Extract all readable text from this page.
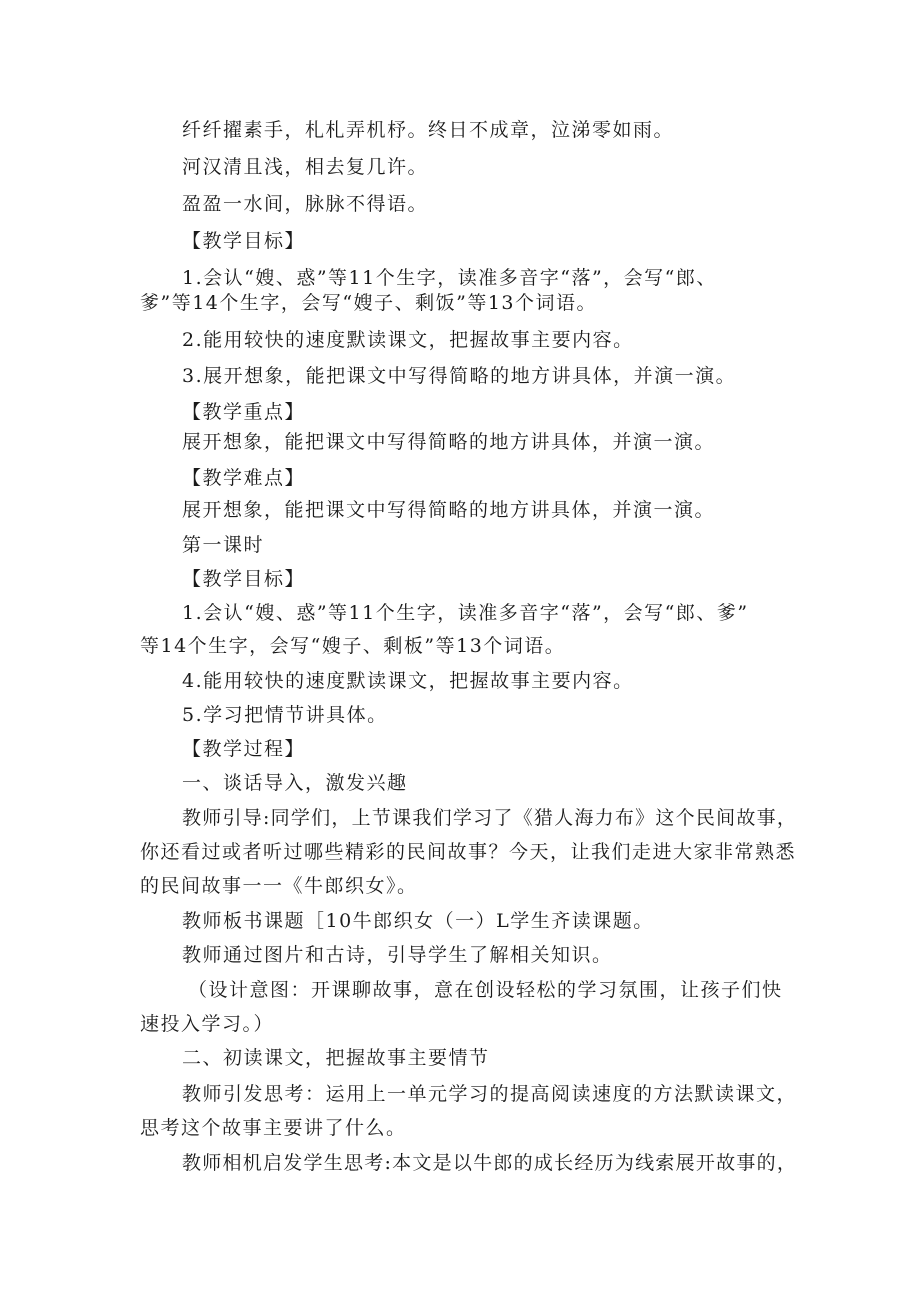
纤纤擢素手，札札弄机杼。终日不成章，泣涕零如雨。
河汉清且浅，相去复几许。
盈盈一水间，脉脉不得语。
【教学目标】
1.会认“嫂、惑”等11个生字，读准多音字“落”，会写“郎、
爹”等14个生字，会写“嫂子、剩饭”等13个词语。
2.能用较快的速度默读课文，把握故事主要内容。
3.展开想象，能把课文中写得简略的地方讲具体，并演一演。
【教学重点】
展开想象，能把课文中写得简略的地方讲具体，并演一演。
【教学难点】
展开想象，能把课文中写得简略的地方讲具体，并演一演。
第一课时
【教学目标】
1.会认“嫂、惑”等11个生字，读准多音字“落”，会写“郎、爹”
等14个生字，会写“嫂子、剩板”等13个词语。
4.能用较快的速度默读课文，把握故事主要内容。
5.学习把情节讲具体。
【教学过程】
一、谈话导入，激发兴趣
教师引导:同学们，上节课我们学习了《猎人海力布》这个民间故事，
你还看过或者听过哪些精彩的民间故事？今天，让我们走进大家非常熟悉
的民间故事一一《牛郎织女》。
教师板书课题［10牛郎织女（一）L学生齐读课题。
教师通过图片和古诗，引导学生了解相关知识。
（设计意图：开课聊故事，意在创设轻松的学习氛围，让孩子们快
速投入学习。）
二、初读课文，把握故事主要情节
教师引发思考：运用上一单元学习的提高阅读速度的方法默读课文，
思考这个故事主要讲了什么。
教师相机启发学生思考:本文是以牛郎的成长经历为线索展开故事的，
